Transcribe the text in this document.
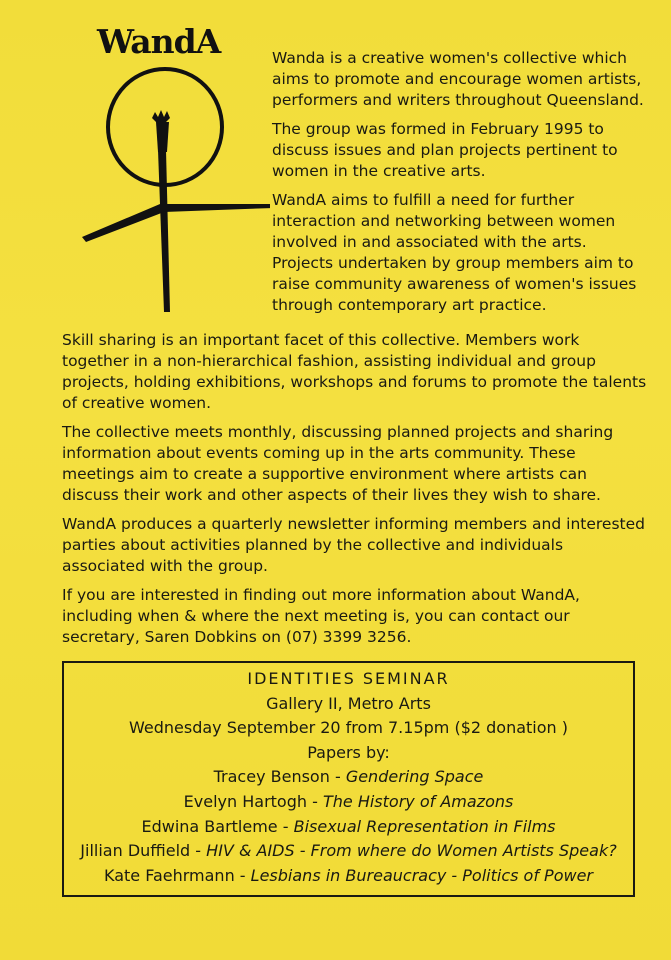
WandA	Wanda is a creative women's collective which aims to promote and encourage women artists, performers and writers throughout Queensland.

The group was formed in February 1995 to discuss issues and plan projects pertinent to women in the creative arts.

WandA aims to fulfill a need for further interaction and networking between women involved in and associated with the arts. Projects undertaken by group members aim to raise community awareness of women's issues through contemporary art practice.

Skill sharing is an important facet of this collective. Members work together in a non-hierarchical fashion, assisting individual and group projects, holding exhibitions, workshops and forums to promote the talents of creative women.

The collective meets monthly, discussing planned projects and sharing information about events coming up in the arts community. These meetings aim to create a supportive environment where artists can discuss their work and other aspects of their lives they wish to share.

WandA produces a quarterly newsletter informing members and interested parties about activities planned by the collective and individuals associated with the group.

If you are interested in finding out more information about WandA, including when & where the next meeting is, you can contact our secretary, Saren Dobkins on (07) 3399 3256.

IDENTITIES SEMINAR

Gallery II, Metro Arts

Wednesday September 20 from 7.15pm ($2 donation )

Papers by:

Tracey Benson - Gendering Space

Evelyn Hartogh - The History of Amazons

Edwina Bartleme - Bisexual Representation in Films

Jillian Duffield - HIV & AIDS - From where do Women Artists Speak?

Kate Faehrmann - Lesbians in Bureaucracy - Politics of Power
